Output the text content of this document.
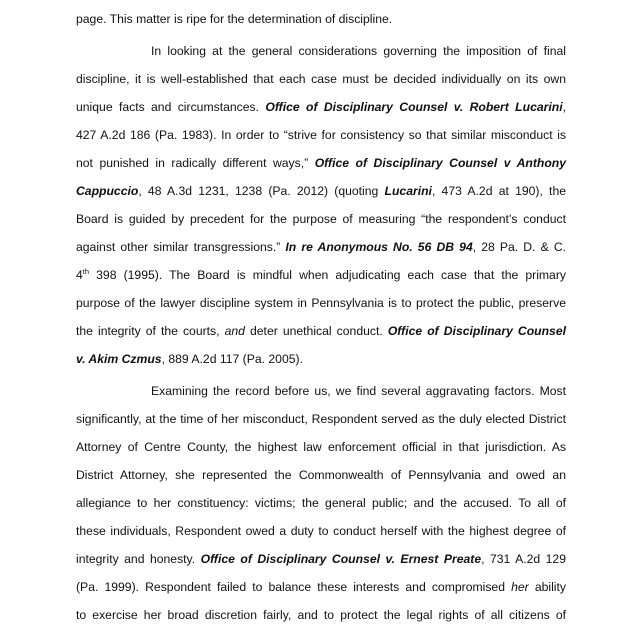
page. This matter is ripe for the determination of discipline.
In looking at the general considerations governing the imposition of final
discipline, it is well-established that each case must be decided individually on its own
unique facts and circumstances. Office of Disciplinary Counsel v. Robert Lucarini,
427 A.2d 186 (Pa. 1983). In order to “strive for consistency so that similar misconduct is
not punished in radically different ways,” Office of Disciplinary Counsel v Anthony
Cappuccio, 48 A.3d 1231, 1238 (Pa. 2012) (quoting Lucarini, 473 A.2d at 190), the
Board is guided by precedent for the purpose of measuring “the respondent’s conduct
against other similar transgressions.” In re Anonymous No. 56 DB 94, 28 Pa. D. & C.
4th 398 (1995). The Board is mindful when adjudicating each case that the primary
purpose of the lawyer discipline system in Pennsylvania is to protect the public, preserve
the integrity of the courts, and deter unethical conduct. Office of Disciplinary Counsel
v. Akim Czmus, 889 A.2d 117 (Pa. 2005).
Examining the record before us, we find several aggravating factors. Most
significantly, at the time of her misconduct, Respondent served as the duly elected District
Attorney of Centre County, the highest law enforcement official in that jurisdiction. As
District Attorney, she represented the Commonwealth of Pennsylvania and owed an
allegiance to her constituency: victims; the general public; and the accused. To all of
these individuals, Respondent owed a duty to conduct herself with the highest degree of
integrity and honesty. Office of Disciplinary Counsel v. Ernest Preate, 731 A.2d 129
(Pa. 1999). Respondent failed to balance these interests and compromised her ability
to exercise her broad discretion fairly, and to protect the legal rights of all citizens of
